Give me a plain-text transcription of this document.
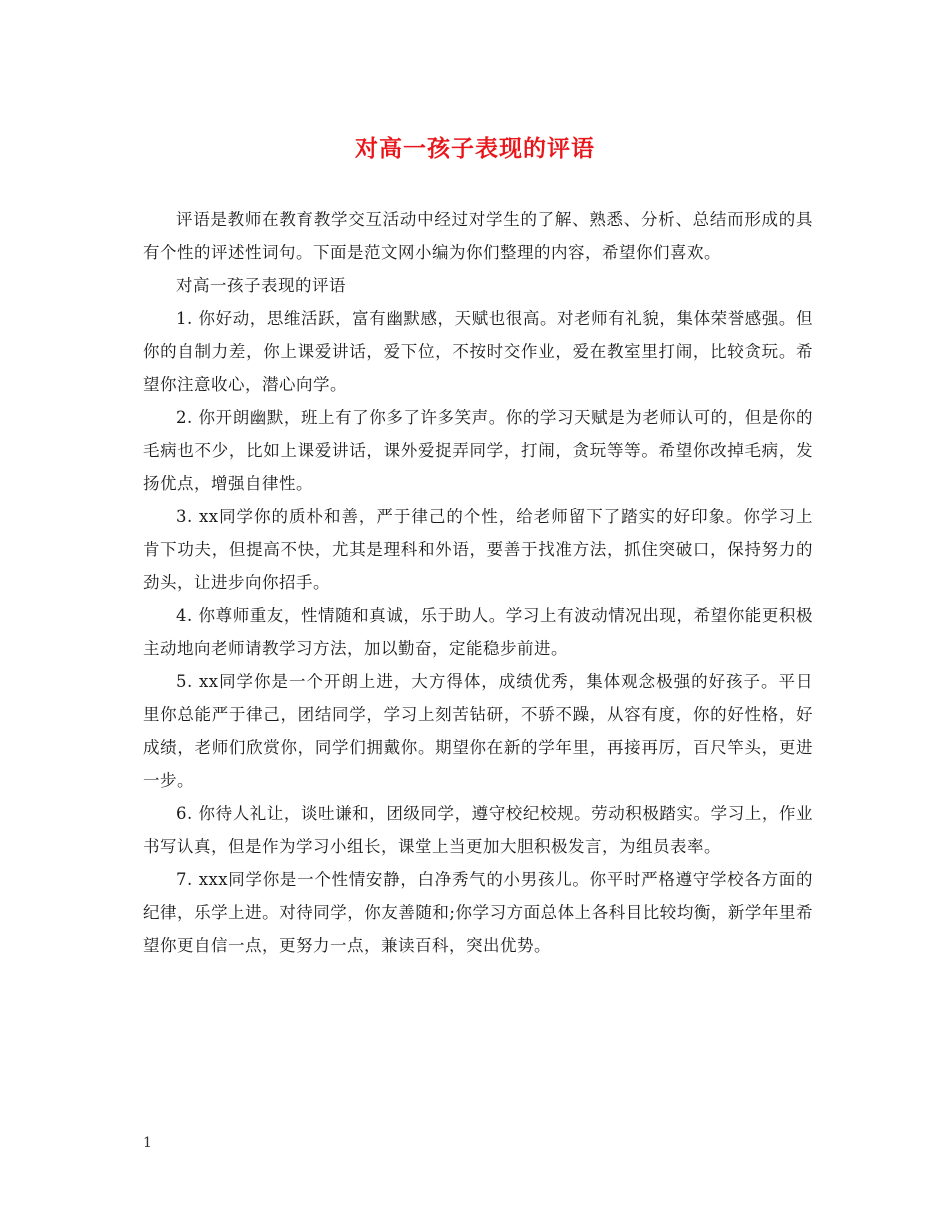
对高一孩子表现的评语

评语是教师在教育教学交互活动中经过对学生的了解、熟悉、分析、总结而形成的具有个性的评述性词句。下面是范文网小编为你们整理的内容，希望你们喜欢。

对高一孩子表现的评语

1. 你好动，思维活跃，富有幽默感，天赋也很高。对老师有礼貌，集体荣誉感强。但你的自制力差，你上课爱讲话，爱下位，不按时交作业，爱在教室里打闹，比较贪玩。希望你注意收心，潜心向学。

2. 你开朗幽默，班上有了你多了许多笑声。你的学习天赋是为老师认可的，但是你的毛病也不少，比如上课爱讲话，课外爱捉弄同学，打闹，贪玩等等。希望你改掉毛病，发扬优点，增强自律性。

3. xx同学你的质朴和善，严于律己的个性，给老师留下了踏实的好印象。你学习上肯下功夫，但提高不快，尤其是理科和外语，要善于找准方法，抓住突破口，保持努力的劲头，让进步向你招手。

4. 你尊师重友，性情随和真诚，乐于助人。学习上有波动情况出现，希望你能更积极主动地向老师请教学习方法，加以勤奋，定能稳步前进。

5. xx同学你是一个开朗上进，大方得体，成绩优秀，集体观念极强的好孩子。平日里你总能严于律己，团结同学，学习上刻苦钻研，不骄不躁，从容有度，你的好性格，好成绩，老师们欣赏你，同学们拥戴你。期望你在新的学年里，再接再厉，百尺竿头，更进一步。

6. 你待人礼让，谈吐谦和，团级同学，遵守校纪校规。劳动积极踏实。学习上，作业书写认真，但是作为学习小组长，课堂上当更加大胆积极发言，为组员表率。

7. xxx同学你是一个性情安静，白净秀气的小男孩儿。你平时严格遵守学校各方面的纪律，乐学上进。对待同学，你友善随和;你学习方面总体上各科目比较均衡，新学年里希望你更自信一点，更努力一点，兼读百科，突出优势。

1
